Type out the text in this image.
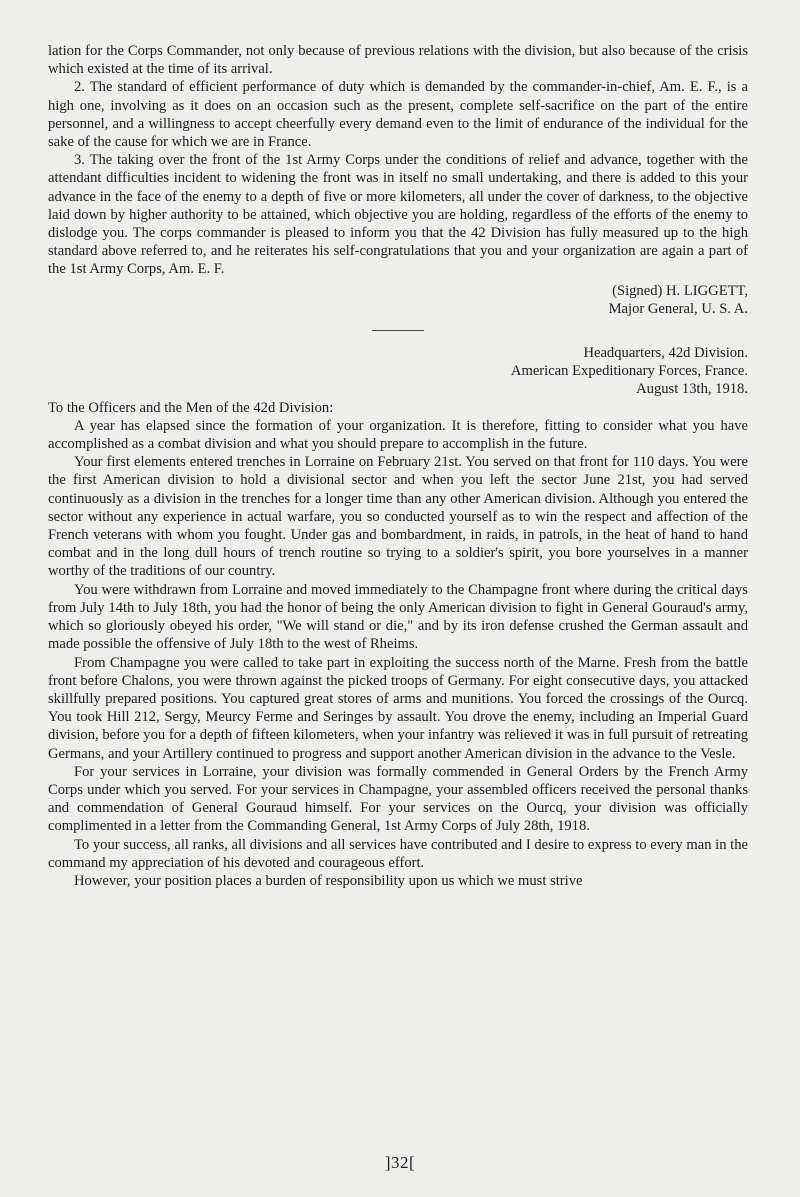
lation for the Corps Commander, not only because of previous relations with the division, but also because of the crisis which existed at the time of its arrival.

2. The standard of efficient performance of duty which is demanded by the commander-in-chief, Am. E. F., is a high one, involving as it does on an occasion such as the present, complete self-sacrifice on the part of the entire personnel, and a willingness to accept cheerfully every demand even to the limit of endurance of the individual for the sake of the cause for which we are in France.

3. The taking over the front of the 1st Army Corps under the conditions of relief and advance, together with the attendant difficulties incident to widening the front was in itself no small undertaking, and there is added to this your advance in the face of the enemy to a depth of five or more kilometers, all under the cover of darkness, to the objective laid down by higher authority to be attained, which objective you are holding, regardless of the efforts of the enemy to dislodge you. The corps commander is pleased to inform you that the 42 Division has fully measured up to the high standard above referred to, and he reiterates his self-congratulations that you and your organization are again a part of the 1st Army Corps, Am. E. F.

(Signed) H. LIGGETT,

Major General, U. S. A.

Headquarters, 42d Division.

American Expeditionary Forces, France.

August 13th, 1918.

To the Officers and the Men of the 42d Division:

A year has elapsed since the formation of your organization. It is therefore, fitting to consider what you have accomplished as a combat division and what you should prepare to accomplish in the future.

Your first elements entered trenches in Lorraine on February 21st. You served on that front for 110 days. You were the first American division to hold a divisional sector and when you left the sector June 21st, you had served continuously as a division in the trenches for a longer time than any other American division. Although you entered the sector without any experience in actual warfare, you so conducted yourself as to win the respect and affection of the French veterans with whom you fought. Under gas and bombardment, in raids, in patrols, in the heat of hand to hand combat and in the long dull hours of trench routine so trying to a soldier's spirit, you bore yourselves in a manner worthy of the traditions of our country.

You were withdrawn from Lorraine and moved immediately to the Champagne front where during the critical days from July 14th to July 18th, you had the honor of being the only American division to fight in General Gouraud's army, which so gloriously obeyed his order, "We will stand or die," and by its iron defense crushed the German assault and made possible the offensive of July 18th to the west of Rheims.

From Champagne you were called to take part in exploiting the success north of the Marne. Fresh from the battle front before Chalons, you were thrown against the picked troops of Germany. For eight consecutive days, you attacked skillfully prepared positions. You captured great stores of arms and munitions. You forced the crossings of the Ourcq. You took Hill 212, Sergy, Meurcy Ferme and Seringes by assault. You drove the enemy, including an Imperial Guard division, before you for a depth of fifteen kilometers, when your infantry was relieved it was in full pursuit of retreating Germans, and your Artillery continued to progress and support another American division in the advance to the Vesle.

For your services in Lorraine, your division was formally commended in General Orders by the French Army Corps under which you served. For your services in Champagne, your assembled officers received the personal thanks and commendation of General Gouraud himself. For your services on the Ourcq, your division was officially complimented in a letter from the Commanding General, 1st Army Corps of July 28th, 1918.

To your success, all ranks, all divisions and all services have contributed and I desire to express to every man in the command my appreciation of his devoted and courageous effort.

However, your position places a burden of responsibility upon us which we must strive

]32[
